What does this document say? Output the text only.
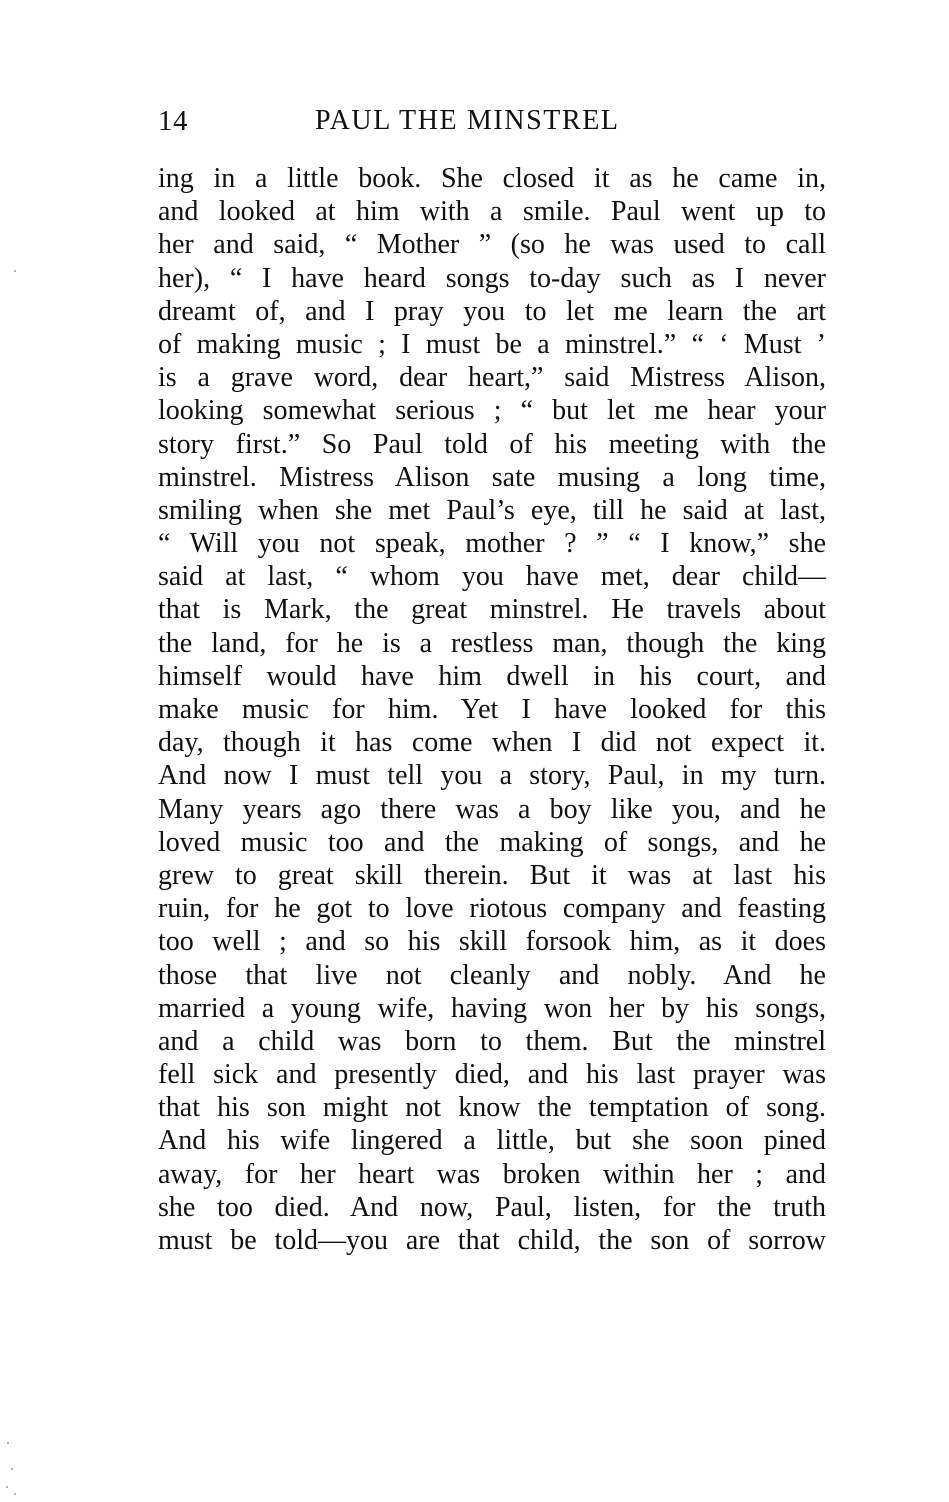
14	PAUL THE MINSTREL
ing in a little book. She closed it as he came in,
and looked at him with a smile. Paul went up to
her and said, “ Mother ” (so he was used to call
her), “ I have heard songs to-day such as I never
dreamt of, and I pray you to let me learn the art
of making music ; I must be a minstrel.” “ ‘ Must ’
is a grave word, dear heart,” said Mistress Alison,
looking somewhat serious ; “ but let me hear your
story first.” So Paul told of his meeting with the
minstrel. Mistress Alison sate musing a long time,
smiling when she met Paul’s eye, till he said at last,
“ Will you not speak, mother ? ” “ I know,” she
said at last, “ whom you have met, dear child—
that is Mark, the great minstrel. He travels about
the land, for he is a restless man, though the king
himself would have him dwell in his court, and
make music for him. Yet I have looked for this
day, though it has come when I did not expect it.
And now I must tell you a story, Paul, in my turn.
Many years ago there was a boy like you, and he
loved music too and the making of songs, and he
grew to great skill therein. But it was at last his
ruin, for he got to love riotous company and feasting
too well ; and so his skill forsook him, as it does
those that live not cleanly and nobly. And he
married a young wife, having won her by his songs,
and a child was born to them. But the minstrel
fell sick and presently died, and his last prayer was
that his son might not know the temptation of song.
And his wife lingered a little, but she soon pined
away, for her heart was broken within her ; and
she too died. And now, Paul, listen, for the truth
must be told—you are that child, the son of sorrow
